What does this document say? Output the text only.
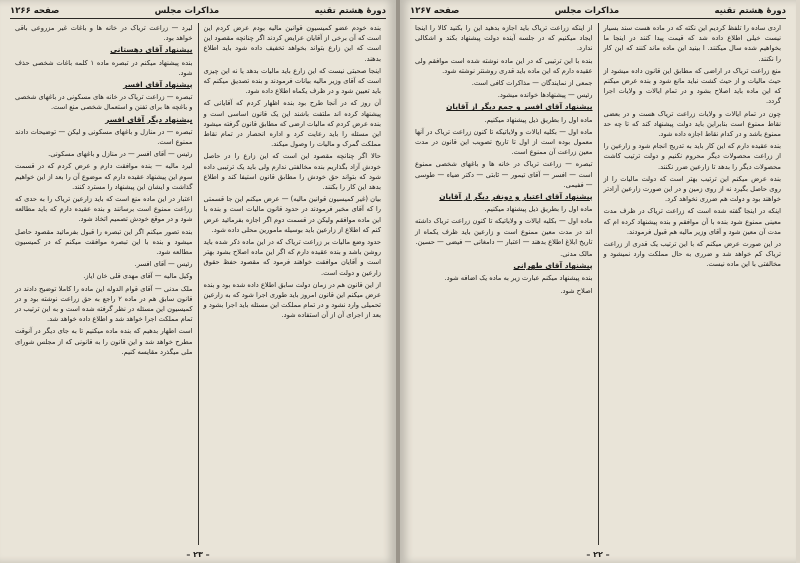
دورهٔ هشتم تقنیه
مذاکرات مجلس
صفحه ۱۲۶۶

بنده خودم عضو کمیسیون قوانین مالیه بودم عرض کردم این است که آن برخی از آقایان عرایض کردند اگر چنانچه مقصود این است که این زارع بتواند بخواهد تخفیف داده شود باید اطلاع بدهند.

اینجا صحبتی نیست که این زارع باید مالیات بدهد یا نه این چیزی است که آقای وزیر مالیه بیانات فرمودند و بنده تصدیق میکنم که باید تعیین شود و در ظرف یکماه اطلاع داده شود.

آن روز که در آنجا طرح بود بنده اظهار کردم که آقایانی که پیشنهاد کرده اند ملتفت باشند این یک قانون اساسی است و بنده عرض کردم که مالیات ارضی که مطابق قانون گرفته میشود این مسئله را باید رعایت کرد و اداره انحصار در تمام نقاط مملکت گمرک و مالیات را وصول میکند.

حالا اگر چنانچه مقصود این است که این زارع را در حاصل خودش آزاد بگذاریم بنده مخالفتی ندارم ولی باید یک ترتیبی داده شود که بتواند حق خودش را مطابق قانون استیفا کند و اطلاع بدهد این کار را بکنند.

بیان (غیر کمیسیون قوانین مالیه) — عرض میکنم این جا قسمتی را که آقای مخبر فرمودند در حدود قانون مالیات است و بنده با این ماده موافقم ولیکن در قسمت دوم اگر اجازه بفرمائید عرض کنم که اطلاع از زارعین باید بوسیله مامورین محلی داده شود.

حدود وضع مالیات بر زراعت تریاک که در این ماده ذکر شده باید روشن باشد و بنده عقیده دارم که اگر این ماده اصلاح بشود بهتر است و آقایان موافقت خواهند فرمود که مقصود حفظ حقوق زارعین و دولت است.

از این قانون هم در زمان دولت سابق اطلاع داده شده بود و بنده عرض میکنم این قانون امروز باید طوری اجرا شود که به زارعین تحمیلی وارد نشود و در تمام مملکت این مسئله باید اجرا بشود و بعد از اجرای آن از آن استفاده شود.

لیرد — زراعت تریاک در خانه ها و باغات غیر مزروعی باقی خواهد بود.

پیشنهاد آقای دهستانی

بنده پیشنهاد میکنم در تبصره ماده ۱ کلمه باغات شخصی حذف شود.

پیشنهاد آقای افسر

تبصره — زراعت تریاک در خانه های مسکونی در باغهای شخصی و باغچه ها برای تفنن و استعمال شخصی منع است.

پیشنهاد دیگر آقای افسر

تبصره — در منازل و باغهای مسکونی و لیکن — توضیحات دادند ممنوع است.

رئیس — آقای افسر — در منازل و باغهای مسکونی.

لیرد مالیه — بنده موافقت دارم و عرض کردم که در قسمت سوم این پیشنهاد عقیده دارم که موضوع آن را بعد از این خواهیم گذاشت و ایشان این پیشنهاد را مسترد کنند.

اعتبار در این ماده منع است که باید زارعین تریاک را به حدی که زراعت ممنوع است برسانند و بنده عقیده دارم که باید مطالعه شود و در موقع خودش تصمیم اتخاذ شود.

بنده تصور میکنم اگر این تبصره را قبول بفرمائید مقصود حاصل میشود و بنده با این تبصره موافقت میکنم که در کمیسیون مطالعه شود.

رئیس — آقای افسر.

وکیل مالیه — آقای مهدی قلی خان ایاز.

ملک مدنی — آقای قوام الدوله این ماده را کاملا توضیح دادند در قانون سابق هم در ماده ۲ راجع به حق زراعت نوشته بود و در کمیسیون این مسئله در نظر گرفته شده است و به این ترتیب در تمام مملکت اجرا خواهد شد و اطلاع داده خواهد شد.

است اطهار بدهیم که بنده ماده میکنیم تا به جای دیگر در آنوقت مطرح خواهد شد و این قانون را به قانونی که از مجلس شورای ملی میگذرد مقایسه کنیم.

– ۲۳ –
دورهٔ هشتم تقنیه
مذاکرات مجلس
صفحه ۱۲۶۷

اردی ساده را تلفظ کردیم این نکته که در ماده هست سند بسیار نیست خیلی اطلاع داده شد که قیمت پیدا کنند در اینجا ما بخواهیم شده سال میکنند. ا بینید این ماده ماند کنند که این کار را نکنند.

منع زراعت تریاک در اراضی که مطابق این قانون داده میشود از حیث مالیات و از حیث کشت نباید مانع شود و بنده عرض میکنم که این ماده باید اصلاح بشود و در تمام ایالات و ولایات اجرا گردد.

چون در تمام ایالات و ولایات زراعت تریاک هست و در بعضی نقاط ممنوع است بنابراین باید دولت پیشنهاد کند که تا چه حد ممنوع باشد و در کدام نقاط اجازه داده شود.

بنده عقیده دارم که این کار باید به تدریج انجام شود و زارعین را از زراعت محصولات دیگر محروم نکنیم و دولت ترتیب کاشت محصولات دیگر را بدهد تا زارعین ضرر نکنند.

بنده عرض میکنم این ترتیب بهتر است که دولت مالیات را از روی حاصل بگیرد نه از روی زمین و در این صورت زارعین آزادتر خواهند بود و دولت هم ضرری نخواهد کرد.

اینکه در اینجا گفته شده است که زراعت تریاک در ظرف مدت معینی ممنوع شود بنده با آن موافقم و بنده پیشنهاد کرده ام که مدت آن معین شود و آقای وزیر مالیه هم قبول فرمودند.

در این صورت عرض میکنم که با این ترتیب یک قدری از زراعت تریاک کم خواهد شد و ضرری به حال مملکت وارد نمیشود و مخالفتی با این ماده نیست.

از اینکه زراعت تریاک باید اجازه بدهید این را بکنید کالا را اینجا ایجاد میکنیم که در جلسه آینده دولت پیشنهاد بکند و اشکالی ندارد.

بنده با این ترتیبی که در این ماده نوشته شده است موافقم ولی عقیده دارم که این ماده باید قدری روشنتر نوشته شود.

جمعی از نمایندگان — مذاکرات کافی است.

رئیس — پیشنهادها خوانده میشود.

پیشنهاد آقای افسر و جمع دیگر از آقایان

ماده اول را بطریق ذیل پیشنهاد میکنیم.

ماده اول — بکلیه ایالات و ولایاتیکه تا کنون زراعت تریاک در آنها معمول بوده است از اول تا تاریخ تصویب این قانون در مدت معین زراعت آن ممنوع است.

تبصره — زراعت تریاک در خانه ها و باغهای شخصی ممنوع است — افسر — آقای تیمور — ثابتی — دکتر ضیاء — طوسی — ففیمی.

پیشنهاد آقای اعتبار و دونفر دیگر از آقایان

ماده اول را بطریق ذیل پیشنهاد میکنیم.

ماده اول — بکلیه ایالات و ولایاتیکه تا کنون زراعت تریاک داشته اند در مدت معین ممنوع است و زارعین باید ظرف یکماه از تاریخ ابلاغ اطلاع بدهند — اعتبار — دامغانی — فیضی — حسین.

مالک مدنی.

پیشنهاد آقای طهرانی

بنده پیشنهاد میکنم عبارت زیر به ماده یک اضافه شود.

اصلاح شود.

– ۲۲ –
